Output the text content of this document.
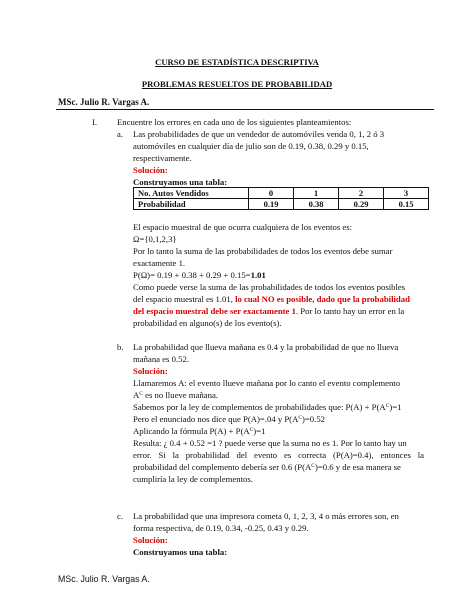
CURSO DE ESTADÍSTICA DESCRIPTIVA
PROBLEMAS RESUELTOS DE PROBABILIDAD
MSc. Julio R. Vargas A.
I. Encuentre los errores en cada uno de los siguientes planteamientos:
a. Las probabilidades de que un vendedor de automóviles venda 0, 1, 2 ó 3
automóviles en cualquier día de julio son de 0.19, 0.38, 0.29 y 0.15,
respectivamente.
Solución:
Construyamos una tabla:
No. Autos Vendidos	0	1	2	3
Probabilidad	0.19	0.38	0.29	0.15
El espacio muestral de que ocurra cualquiera de los eventos es:
Ω={0,1,2,3}
Por lo tanto la suma de las probabilidades de todos los eventos debe sumar
exactamente 1.
P(Ω)= 0.19 + 0.38 + 0.29 + 0.15=1.01
Como puede verse la suma de las probabilidades de todos los eventos posibles
del espacio muestral es 1.01, lo cual NO es posible, dado que la probabilidad
del espacio muestral debe ser exactamente 1. Por lo tanto hay un error en la
probabilidad en alguno(s) de los evento(s).
b. La probabilidad que llueva mañana es 0.4 y la probabilidad de que no llueva
mañana es 0.52.
Solución:
Llamaremos A: el evento llueve mañana por lo canto el evento complemento
$A^C$ es no llueve mañana.
Sabemos por la ley de complementos de probabilidades que: $P(A) + P(A^C)=1$
Pero el enunciado nos dice que P(A)=.04 y $P(A^C)=0.52$
Aplicando la fórmula $P(A) + P(A^C)=1$
Resulta: ¿ 0.4 + 0.52 =1 ? puede verse que la suma no es 1. Por lo tanto hay un
error. Si la probabilidad del evento es correcta (P(A)=0.4), entonces la
probabilidad del complemento debería ser 0.6 ($P(A^C)=0.6$ y de esa manera se
cumpliría la ley de complementos.
c. La probabilidad que una impresora cometa 0, 1, 2, 3, 4 o más errores son, en
forma respectiva, de 0.19, 0.34, -0.25, 0.43 y 0.29.
Solución:
Construyamos una tabla:
MSc. Julio R. Vargas A.
